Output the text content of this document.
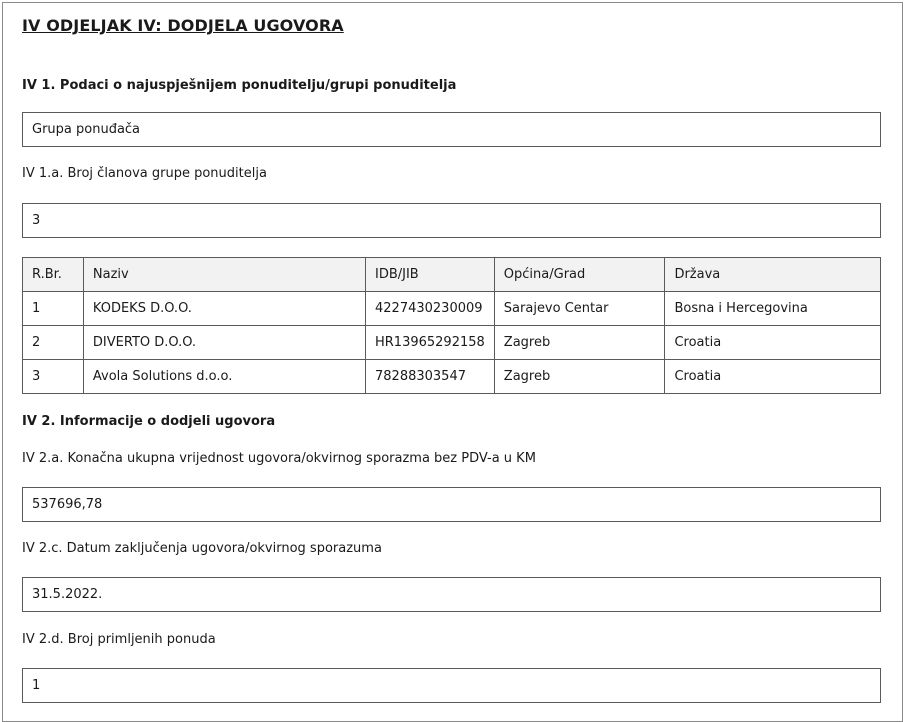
IV ODJELJAK IV: DODJELA UGOVORA
IV 1. Podaci o najuspješnijem ponuditelju/grupi ponuditelja
Grupa ponuđača
IV 1.a. Broj članova grupe ponuditelja
3
R.Br.	Naziv	IDB/JIB	Općina/Grad	Država
1	KODEKS D.O.O.	4227430230009	Sarajevo Centar	Bosna i Hercegovina
2	DIVERTO D.O.O.	HR13965292158	Zagreb	Croatia
3	Avola Solutions d.o.o.	78288303547	Zagreb	Croatia
IV 2. Informacije o dodjeli ugovora
IV 2.a. Konačna ukupna vrijednost ugovora/okvirnog sporazma bez PDV-a u KM
537696,78
IV 2.c. Datum zaključenja ugovora/okvirnog sporazuma
31.5.2022.
IV 2.d. Broj primljenih ponuda
1
